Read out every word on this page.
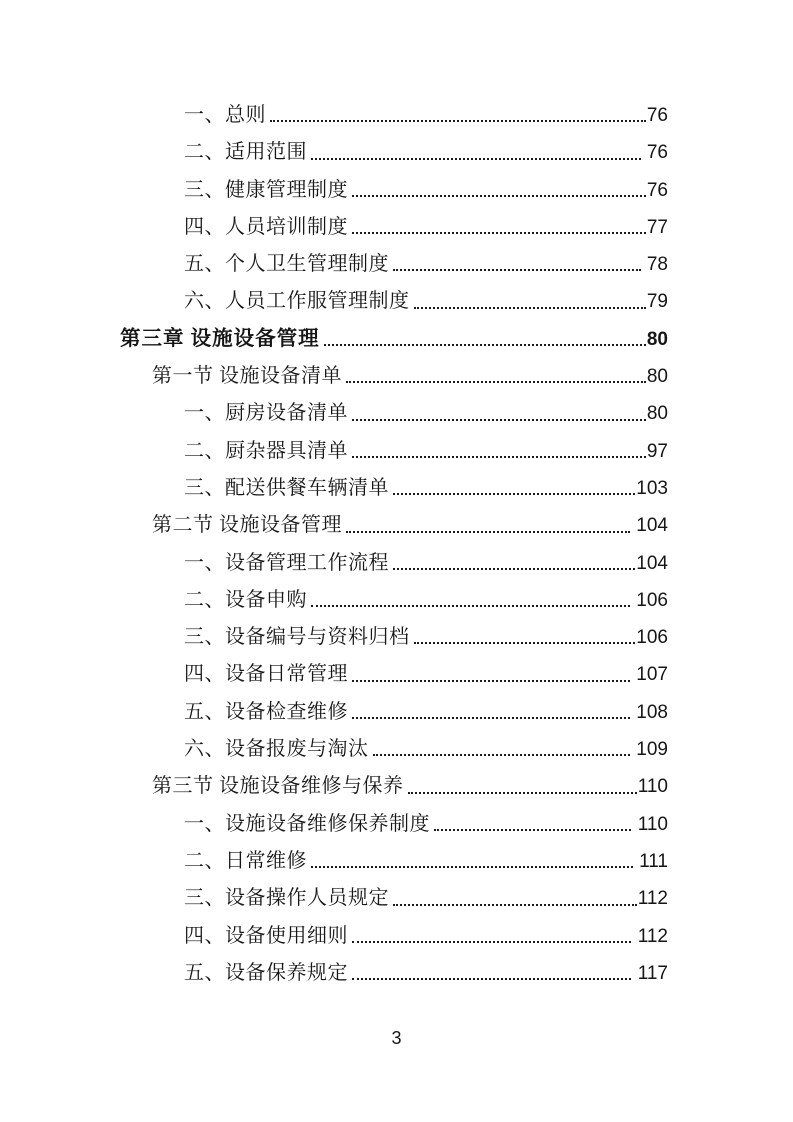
一、总则	76
二、适用范围	76
三、健康管理制度	76
四、人员培训制度	77
五、个人卫生管理制度	78
六、人员工作服管理制度	79
第三章 设施设备管理	80
第一节 设施设备清单	80
一、厨房设备清单	80
二、厨杂器具清单	97
三、配送供餐车辆清单	103
第二节 设施设备管理	104
一、设备管理工作流程	104
二、设备申购	106
三、设备编号与资料归档	106
四、设备日常管理	107
五、设备检查维修	108
六、设备报废与淘汰	109
第三节 设施设备维修与保养	110
一、设施设备维修保养制度	110
二、日常维修	111
三、设备操作人员规定	112
四、设备使用细则	112
五、设备保养规定	117
3
